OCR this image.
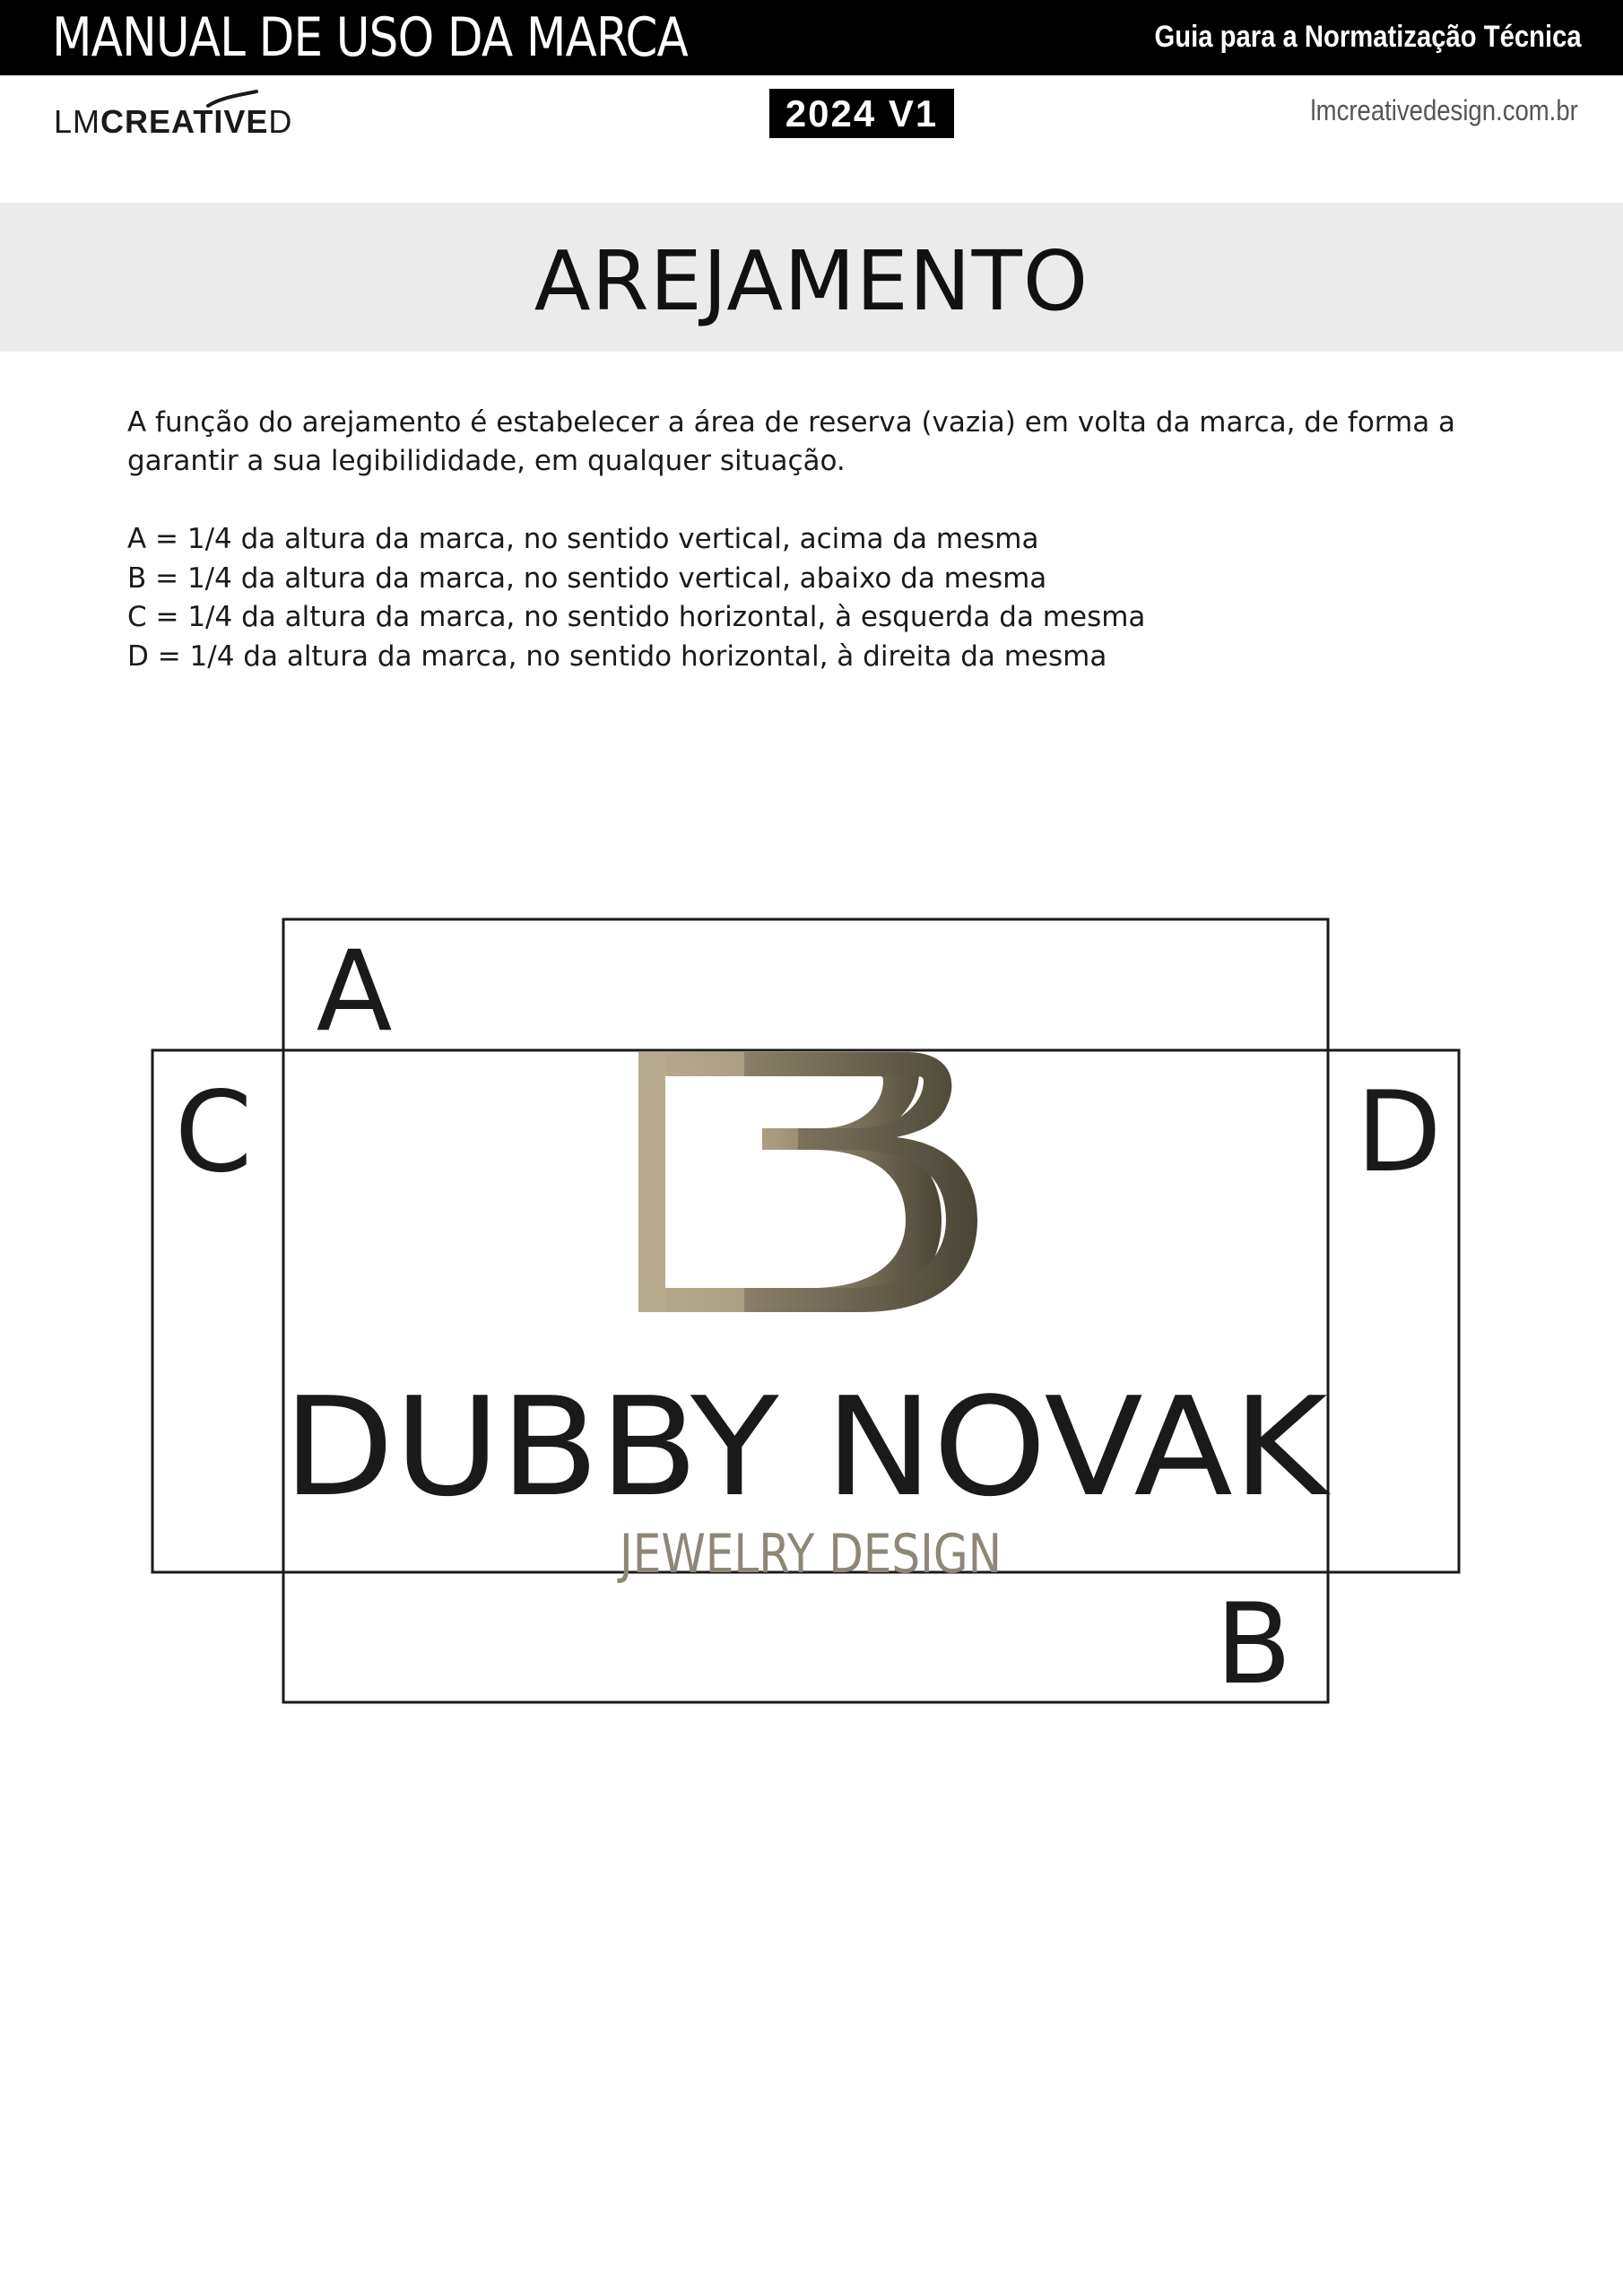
MANUAL DE USO DA MARCA	Guia para a Normatização Técnica
LMCREATIVED	2024 V1	lmcreativedesign.com.br
AREJAMENTO

A função do arejamento é estabelecer a área de reserva (vazia) em volta da marca, de forma a garantir a sua legibilididade, em qualquer situação.

A = 1/4 da altura da marca, no sentido vertical, acima da mesma
B = 1/4 da altura da marca, no sentido vertical, abaixo da mesma
C = 1/4 da altura da marca, no sentido horizontal, à esquerda da mesma
D = 1/4 da altura da marca, no sentido horizontal, à direita da mesma
A
C	D
B
DUBBY NOVAK
JEWELRY DESIGN
